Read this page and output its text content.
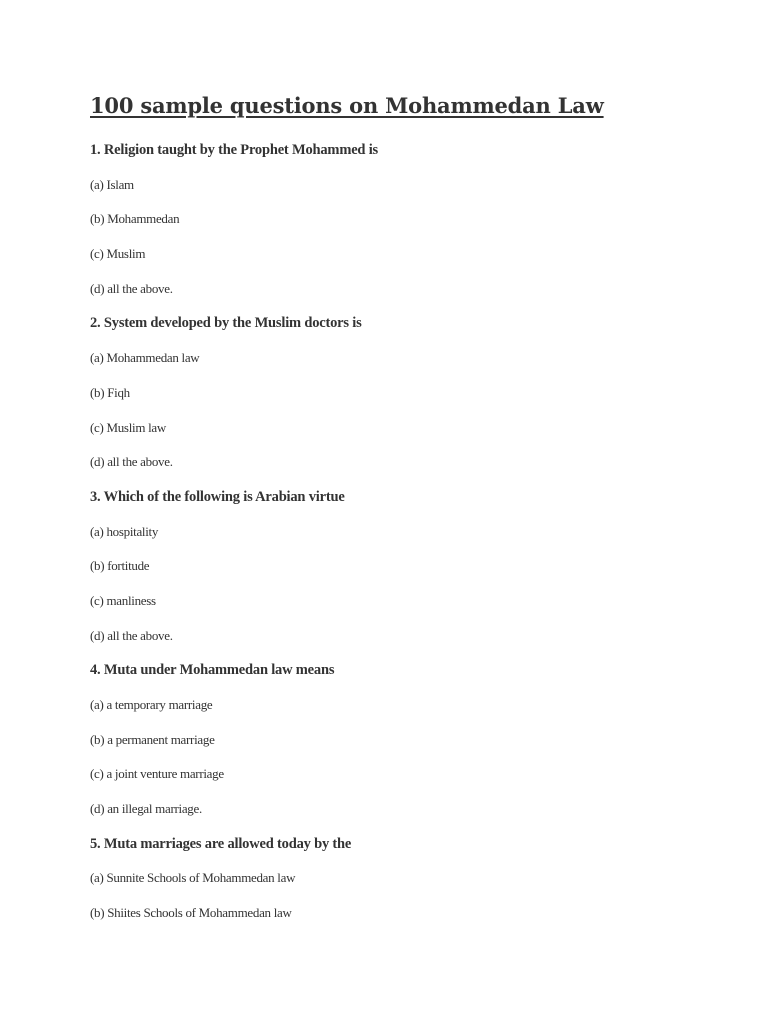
100 sample questions on Mohammedan Law
1. Religion taught by the Prophet Mohammed is
(a) Islam
(b) Mohammedan
(c) Muslim
(d) all the above.
2. System developed by the Muslim doctors is
(a) Mohammedan law
(b) Fiqh
(c) Muslim law
(d) all the above.
3. Which of the following is Arabian virtue
(a) hospitality
(b) fortitude
(c) manliness
(d) all the above.
4. Muta under Mohammedan law means
(a) a temporary marriage
(b) a permanent marriage
(c) a joint venture marriage
(d) an illegal marriage.
5. Muta marriages are allowed today by the
(a) Sunnite Schools of Mohammedan law
(b) Shiites Schools of Mohammedan law
